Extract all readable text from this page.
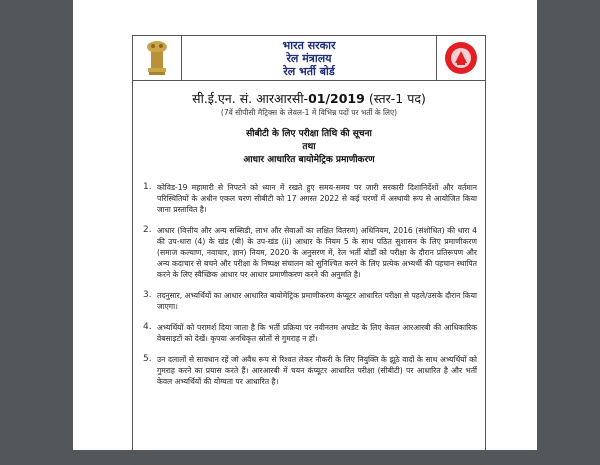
भारत सरकार
रेल मंत्रालय
रेल भर्ती बोर्ड
सी.ई.एन. सं. आरआरसी-01/2019 (स्तर-1 पद)
(7वें सीपीसी मैट्रिक्स के लेवल-1 में विभिन्न पदों पर भर्ती के लिए)
सीबीटी के लिए परीक्षा तिथि की सूचना
तथा
आधार आधारित बायोमेट्रिक प्रमाणीकरण
1. कोविड-19 महामारी से निपटने को ध्यान में रखते हुए समय-समय पर जारी सरकारी दिशानिर्देशों और वर्तमान परिस्थितियों के अधीन एकल चरण सीबीटी को 17 अगस्त 2022 से कई चरणों में अस्थायी रूप से आयोजित किया जाना प्रस्तावित है।
2. आधार (वित्तीय और अन्य सब्सिडी, लाभ और सेवाओं का लक्षित वितरण) अधिनियम, 2016 (संशोधित) की धारा 4 की उप-धारा (4) के खंड (बी) के उप-खंड (ii) आधार के नियम 5 के साथ पठित सुशासन के लिए प्रमाणीकरण (समाज कल्याण, नवाचार, ज्ञान) नियम, 2020 के अनुसरण में, रेल भर्ती बोर्डों को परीक्षा के दौरान प्रतिरूपण और अन्य कदाचार से बचने और परीक्षा के निष्पक्ष संचालन को सुनिश्चित करने के लिए प्रत्येक अभ्यर्थी की पहचान स्थापित करने के लिए स्वैच्छिक आधार पर आधार प्रमाणीकरण करने की अनुमति है।
3. तदनुसार, अभ्यर्थियों का आधार आधारित बायोमेट्रिक प्रमाणीकरण कंप्यूटर आधारित परीक्षा से पहले/उसके दौरान किया जाएगा।
4. अभ्यर्थियों को परामर्श दिया जाता है कि भर्ती प्रक्रिया पर नवीनतम अपडेट के लिए केवल आरआरबी की आधिकारिक वेबसाइटों को देखें। कृपया अनधिकृत स्रोतों से गुमराह न हों।
5. उन दलालों से सावधान रहें जो अवैध रूप से रिश्वत लेकर नौकरी के लिए नियुक्ति के झूठे वादों के साथ अभ्यर्थियों को गुमराह करने का प्रयास करते हैं। आरआरबी में चयन कंप्यूटर आधारित परीक्षा (सीबीटी) पर आधारित है और भर्ती केवल अभ्यर्थियों की योग्यता पर आधारित है।
